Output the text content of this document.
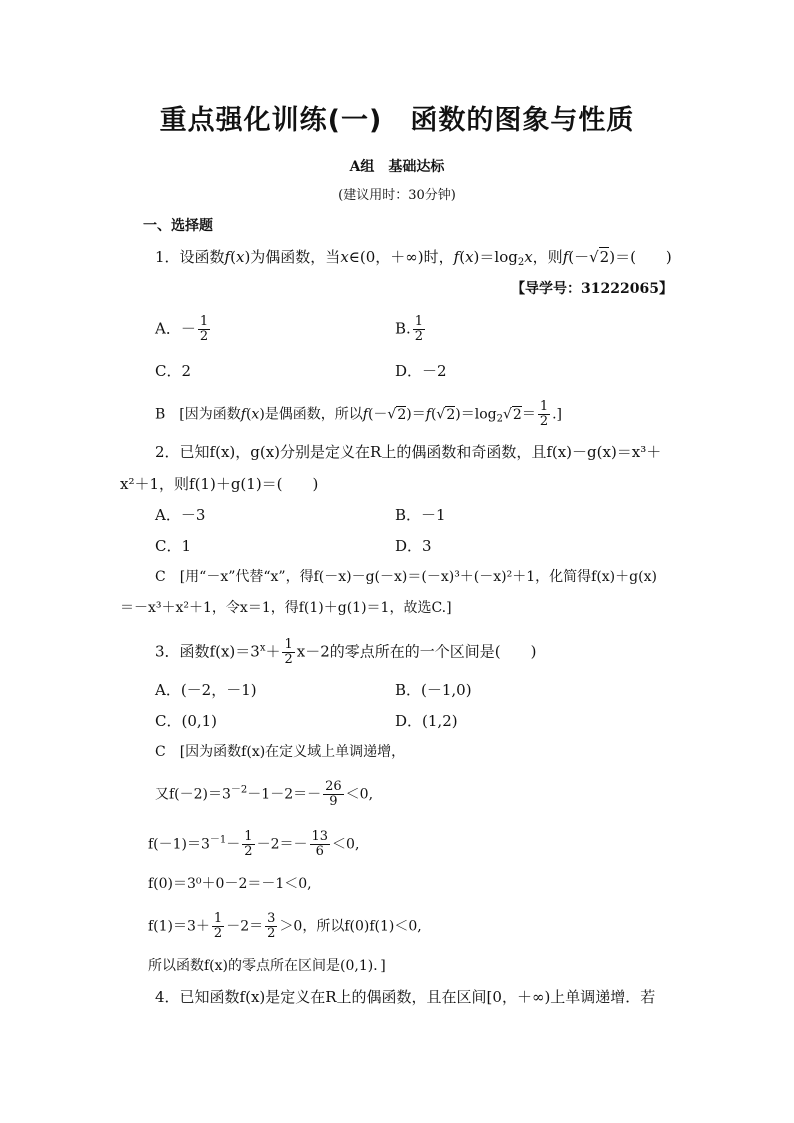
重点强化训练(一)　函数的图象与性质
A组　基础达标
(建议用时：30分钟)
一、选择题
1．设函数f(x)为偶函数，当x∈(0，＋∞)时，$f(x)=\log_2x$，则f(－√2)＝(　　)
【导学号：31222065】
A．－ $\frac{1}{2}$	B. $\frac{1}{2}$
C．2	D．－2
B　[因为函数f(x)是偶函数，所以$f(-√2)=f(√2)=\log_2√2= \frac{1}{2}$ .]
2．已知f(x)，g(x)分别是定义在R上的偶函数和奇函数，且f(x)－g(x)＝x³＋
x²＋1，则f(1)＋g(1)＝(　　)
A．－3	B．－1
C．1	D．3
C　[用“－x”代替“x”，得f(－x)－g(－x)＝(－x)³＋(－x)²＋1，化简得f(x)＋g(x)
＝－x³＋x²＋1，令x＝1，得f(1)＋g(1)＝1，故选C.]
3．函数$f(x)=3^x+ \frac{1}{2} x-2$的零点所在的一个区间是(　　)
A．(－2，－1)	B．(－1,0)
C．(0,1)	D．(1,2)
C　[因为函数f(x)在定义域上单调递增，
又$f(-2)=3^{-2}-1-2=- \frac{26}{9} <0$,
$f(-1)=3^{-1}- \frac{1}{2} -2=- \frac{13}{6} <0$,
f(0)＝3⁰＋0－2＝－1＜0,
$f(1)=3+ \frac{1}{2} -2= \frac{3}{2} >0$，所以f(0)f(1)＜0,
所以函数f(x)的零点所在区间是(0,1)．]
4．已知函数f(x)是定义在R上的偶函数，且在区间[0，＋∞)上单调递增．若
